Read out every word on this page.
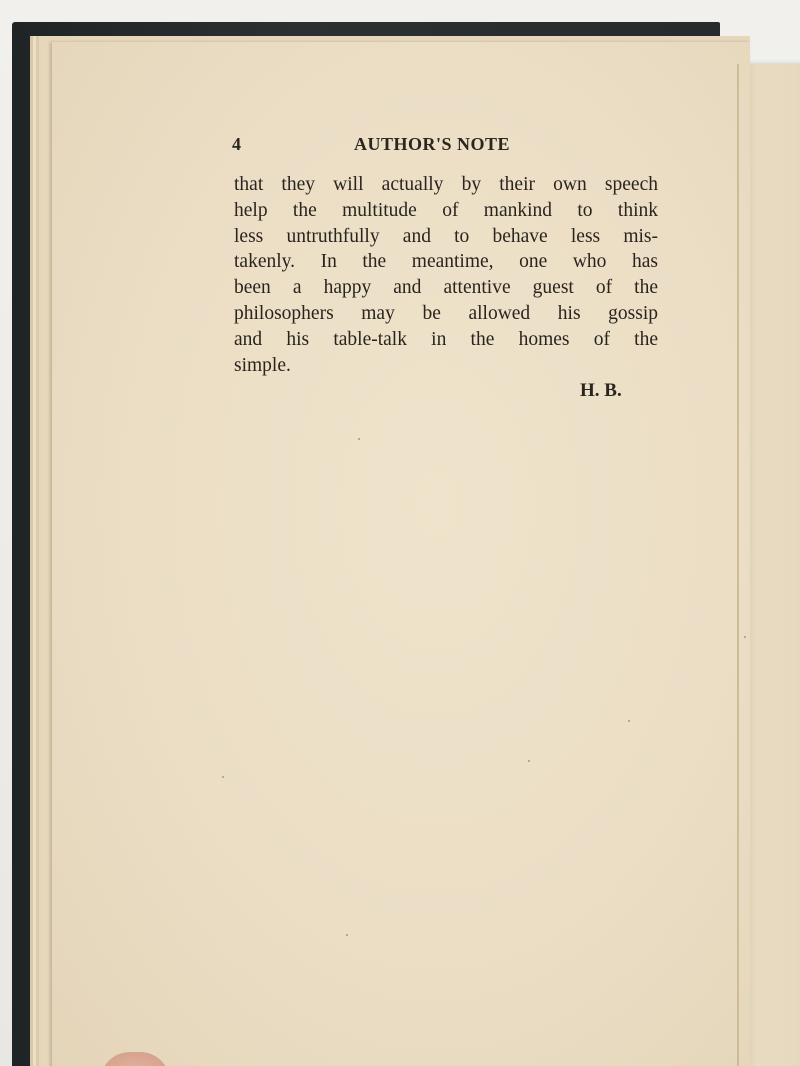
4	AUTHOR'S NOTE
that they will actually by their own speech
help the multitude of mankind to think
less untruthfully and to behave less mis-
takenly. In the meantime, one who has
been a happy and attentive guest of the
philosophers may be allowed his gossip
and his table-talk in the homes of the
simple.
H. B.
